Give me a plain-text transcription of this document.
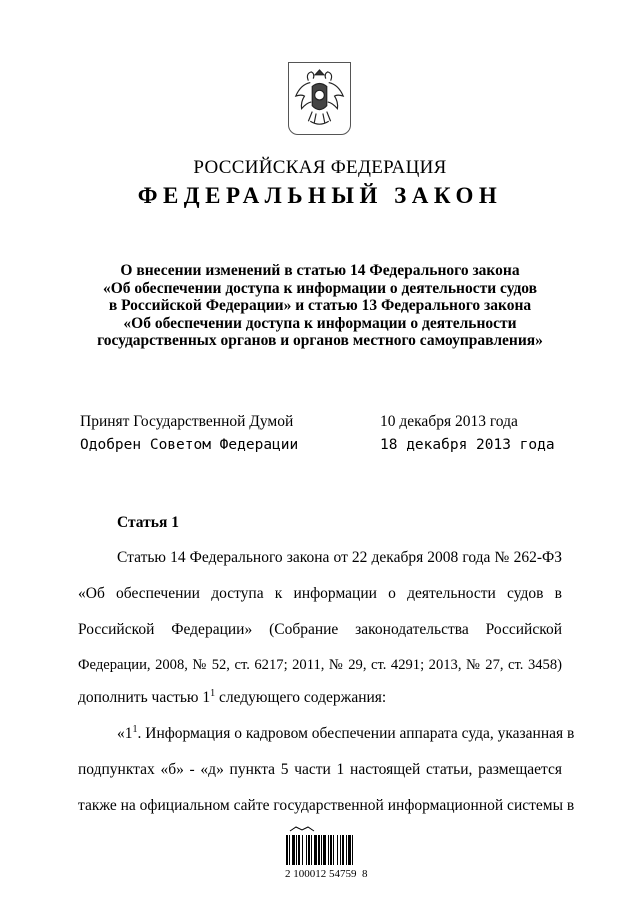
РОССИЙСКАЯ ФЕДЕРАЦИЯ
ФЕДЕРАЛЬНЫЙ ЗАКОН
О внесении изменений в статью 14 Федерального закона
«Об обеспечении доступа к информации о деятельности судов
в Российской Федерации» и статью 13 Федерального закона
«Об обеспечении доступа к информации о деятельности
государственных органов и органов местного самоуправления»
Принят Государственной Думой	10 декабря 2013 года
Одобрен Советом Федерации	18 декабря 2013 года
Статья 1
Статью 14 Федерального закона от 22 декабря 2008 года № 262-ФЗ
«Об обеспечении доступа к информации о деятельности судов в
Российской Федерации» (Собрание законодательства Российской
Федерации, 2008, № 52, ст. 6217; 2011, № 29, ст. 4291; 2013, № 27, ст. 3458)
дополнить частью $1^1$ следующего содержания:
«$1^1$. Информация о кадровом обеспечении аппарата суда, указанная в
подпунктах «б» - «д» пункта 5 части 1 настоящей статьи, размещается
также на официальном сайте государственной информационной системы в
2 100012 54759  8
